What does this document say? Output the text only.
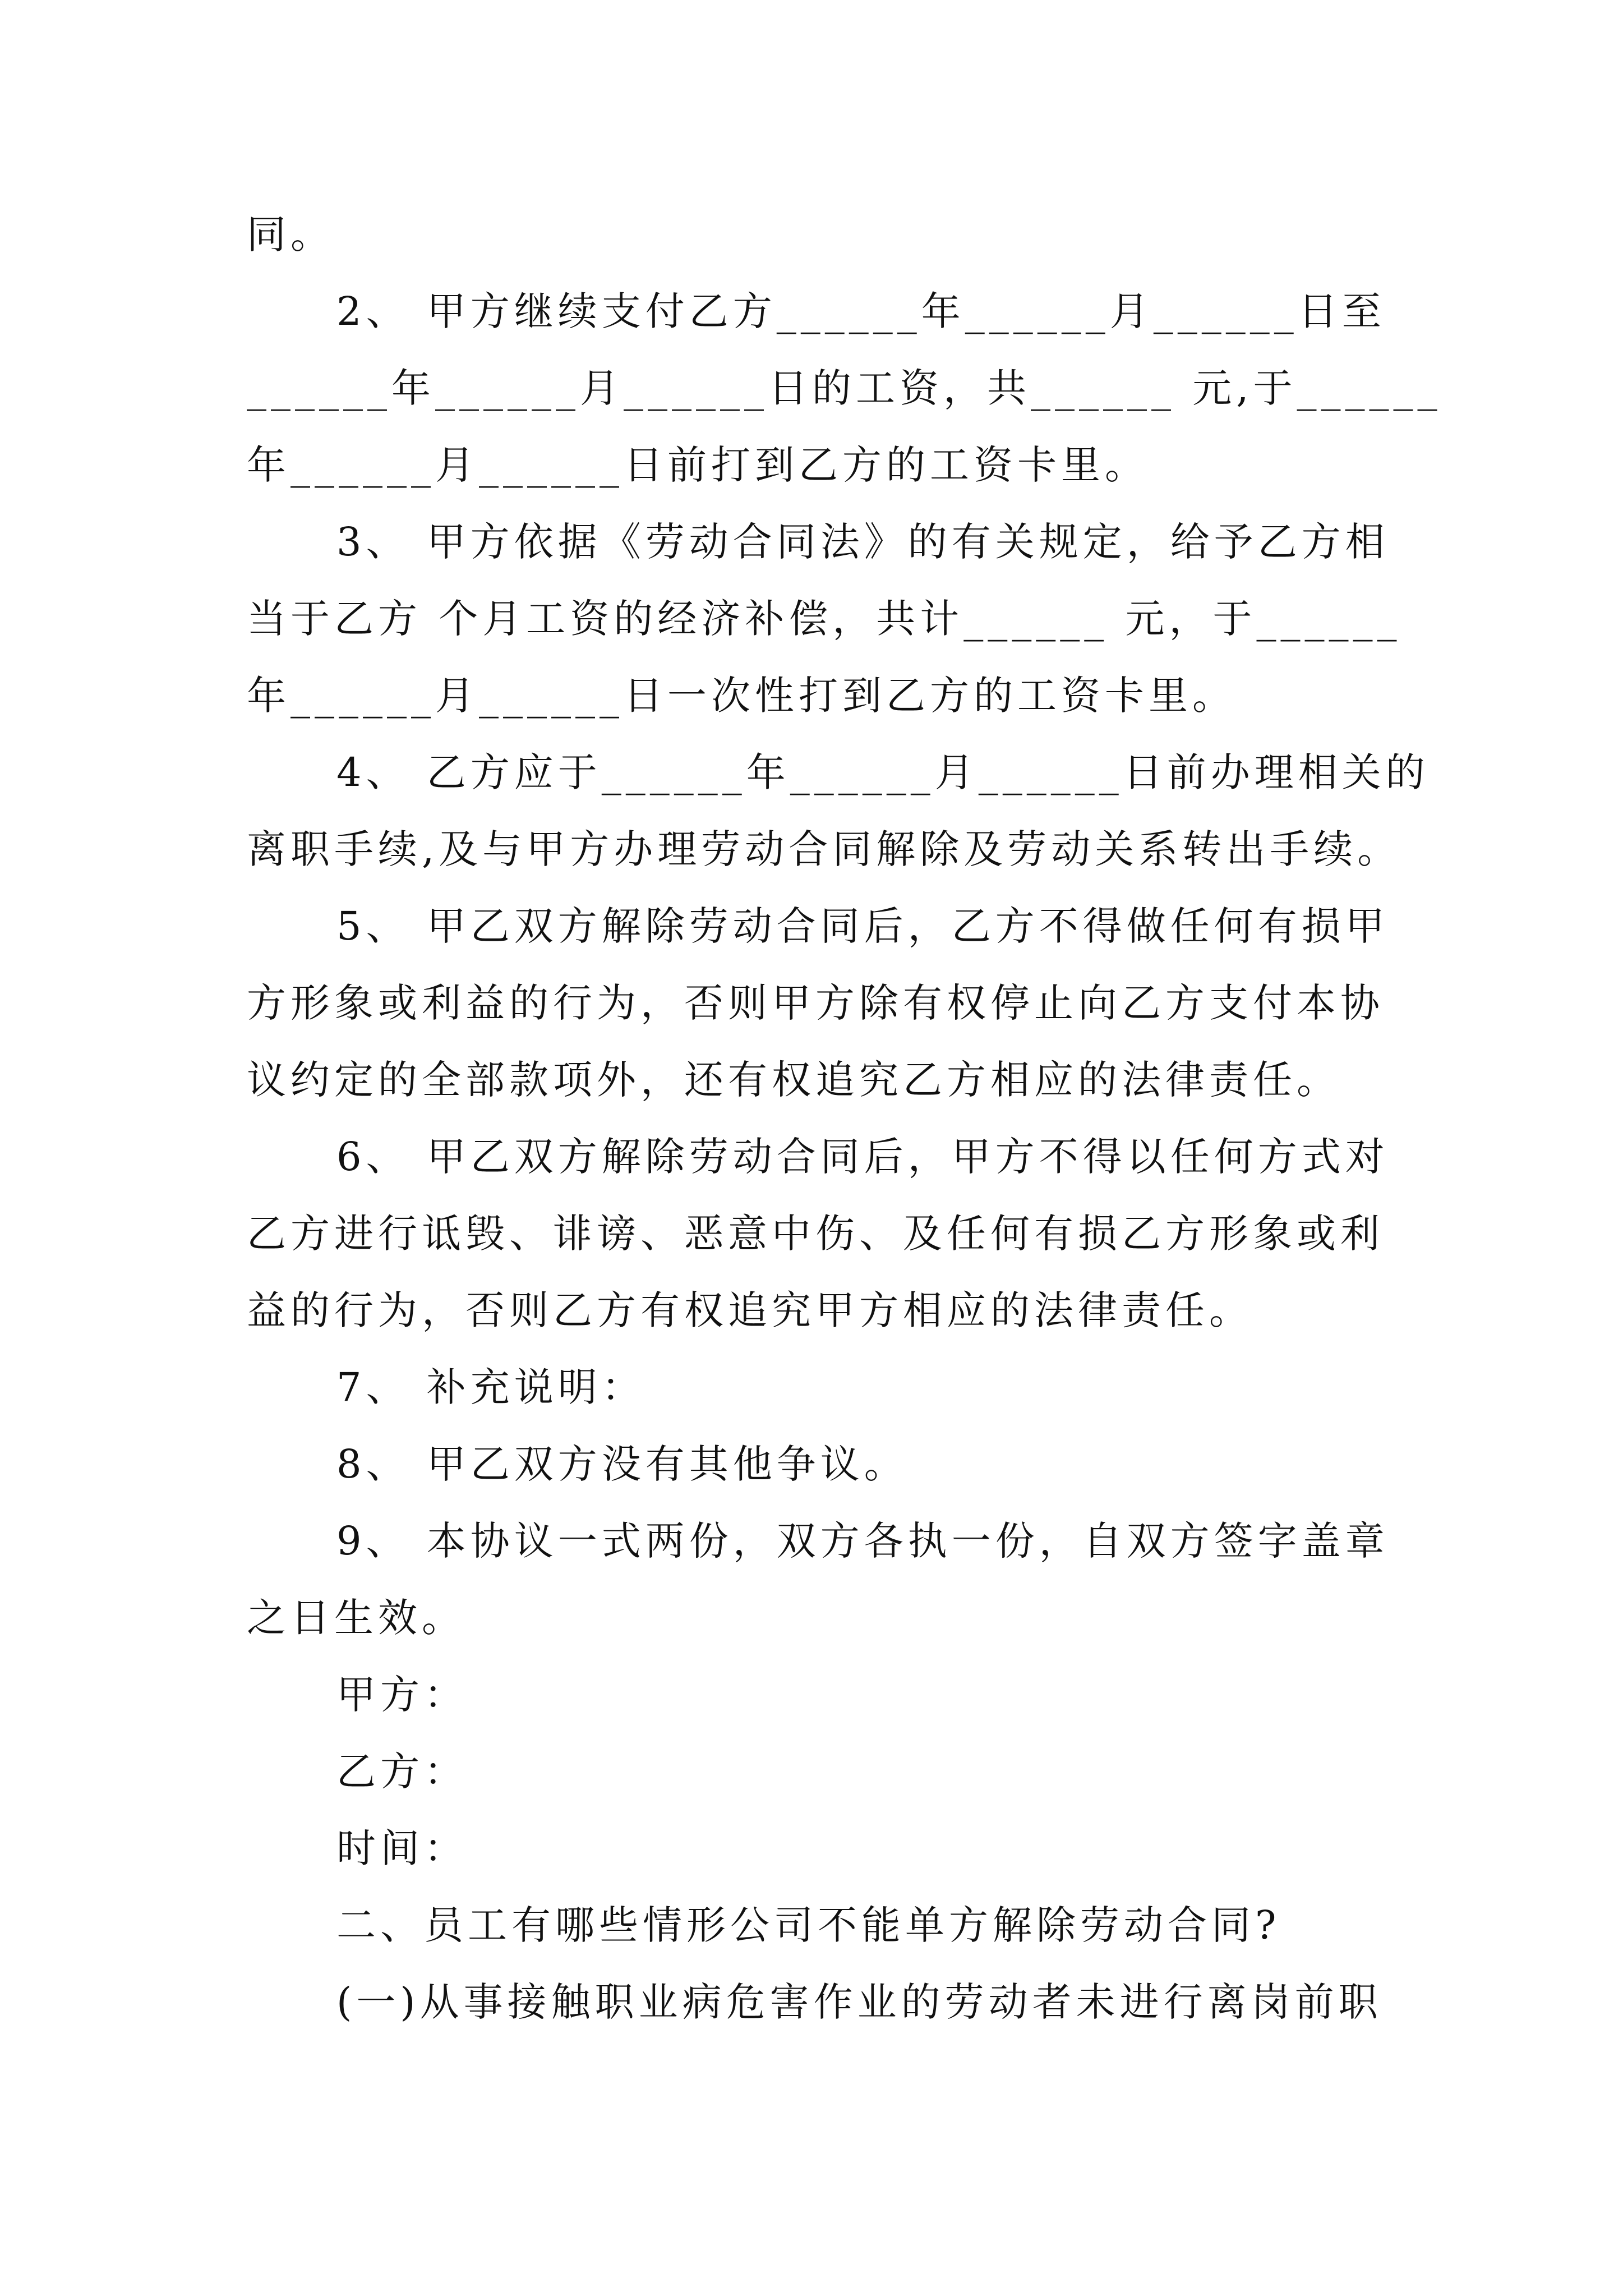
同。
2、 甲方继续支付乙方______年______月______日至
______年______月______日的工资，共______ 元,于______
年______月______日前打到乙方的工资卡里。
3、 甲方依据《劳动合同法》的有关规定，给予乙方相
当于乙方 个月工资的经济补偿，共计______ 元，于______
年______月______日一次性打到乙方的工资卡里。
4、 乙方应于______年______月______日前办理相关的
离职手续,及与甲方办理劳动合同解除及劳动关系转出手续。
5、 甲乙双方解除劳动合同后，乙方不得做任何有损甲
方形象或利益的行为，否则甲方除有权停止向乙方支付本协
议约定的全部款项外，还有权追究乙方相应的法律责任。
6、 甲乙双方解除劳动合同后，甲方不得以任何方式对
乙方进行诋毁、诽谤、恶意中伤、及任何有损乙方形象或利
益的行为，否则乙方有权追究甲方相应的法律责任。
7、 补充说明：
8、 甲乙双方没有其他争议。
9、 本协议一式两份，双方各执一份，自双方签字盖章
之日生效。
甲方：
乙方：
时间：
二、员工有哪些情形公司不能单方解除劳动合同?
(一)从事接触职业病危害作业的劳动者未进行离岗前职
